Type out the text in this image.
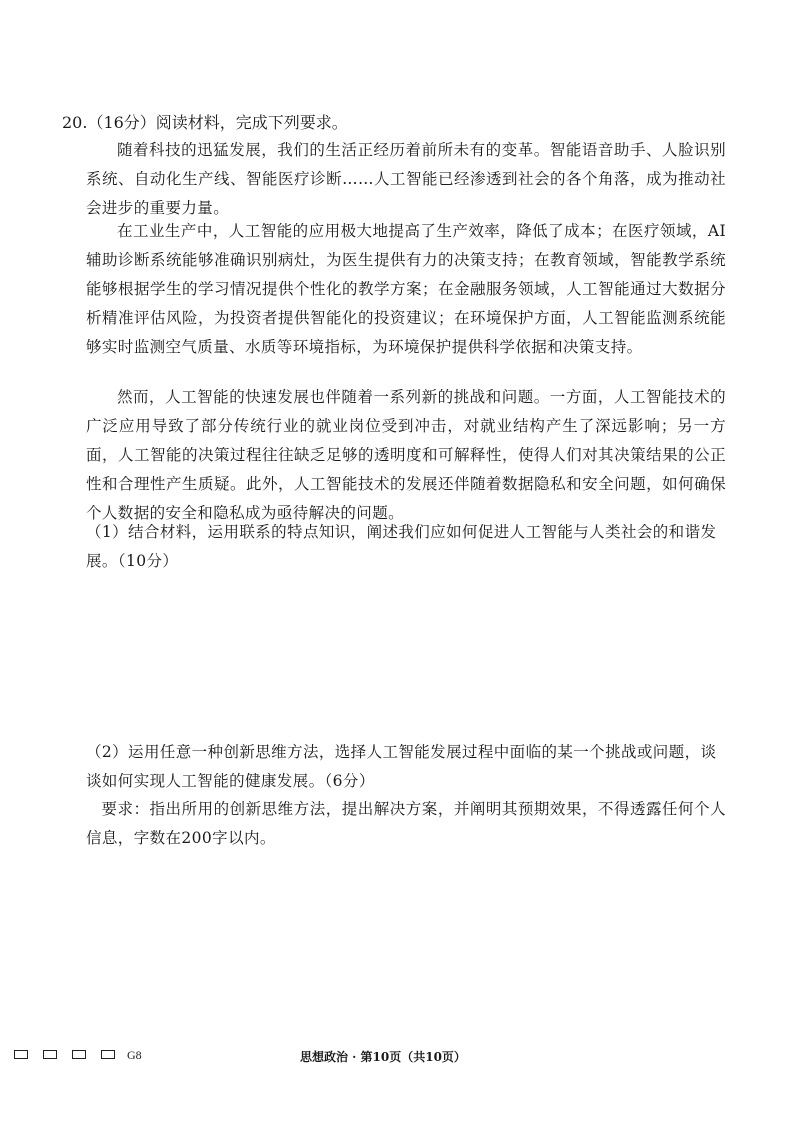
20.（16分）阅读材料，完成下列要求。

随着科技的迅猛发展，我们的生活正经历着前所未有的变革。智能语音助手、人脸识别系统、自动化生产线、智能医疗诊断……人工智能已经渗透到社会的各个角落，成为推动社会进步的重要力量。

在工业生产中，人工智能的应用极大地提高了生产效率，降低了成本；在医疗领域，AI辅助诊断系统能够准确识别病灶，为医生提供有力的决策支持；在教育领域，智能教学系统能够根据学生的学习情况提供个性化的教学方案；在金融服务领域，人工智能通过大数据分析精准评估风险，为投资者提供智能化的投资建议；在环境保护方面，人工智能监测系统能够实时监测空气质量、水质等环境指标，为环境保护提供科学依据和决策支持。

然而，人工智能的快速发展也伴随着一系列新的挑战和问题。一方面，人工智能技术的广泛应用导致了部分传统行业的就业岗位受到冲击，对就业结构产生了深远影响；另一方面，人工智能的决策过程往往缺乏足够的透明度和可解释性，使得人们对其决策结果的公正性和合理性产生质疑。此外，人工智能技术的发展还伴随着数据隐私和安全问题，如何确保个人数据的安全和隐私成为亟待解决的问题。

（1）结合材料，运用联系的特点知识，阐述我们应如何促进人工智能与人类社会的和谐发展。（10分）

（2）运用任意一种创新思维方法，选择人工智能发展过程中面临的某一个挑战或问题，谈谈如何实现人工智能的健康发展。（6分）

要求：指出所用的创新思维方法，提出解决方案，并阐明其预期效果，不得透露任何个人信息，字数在200字以内。

G8	思想政治 · 第10页（共10页）
